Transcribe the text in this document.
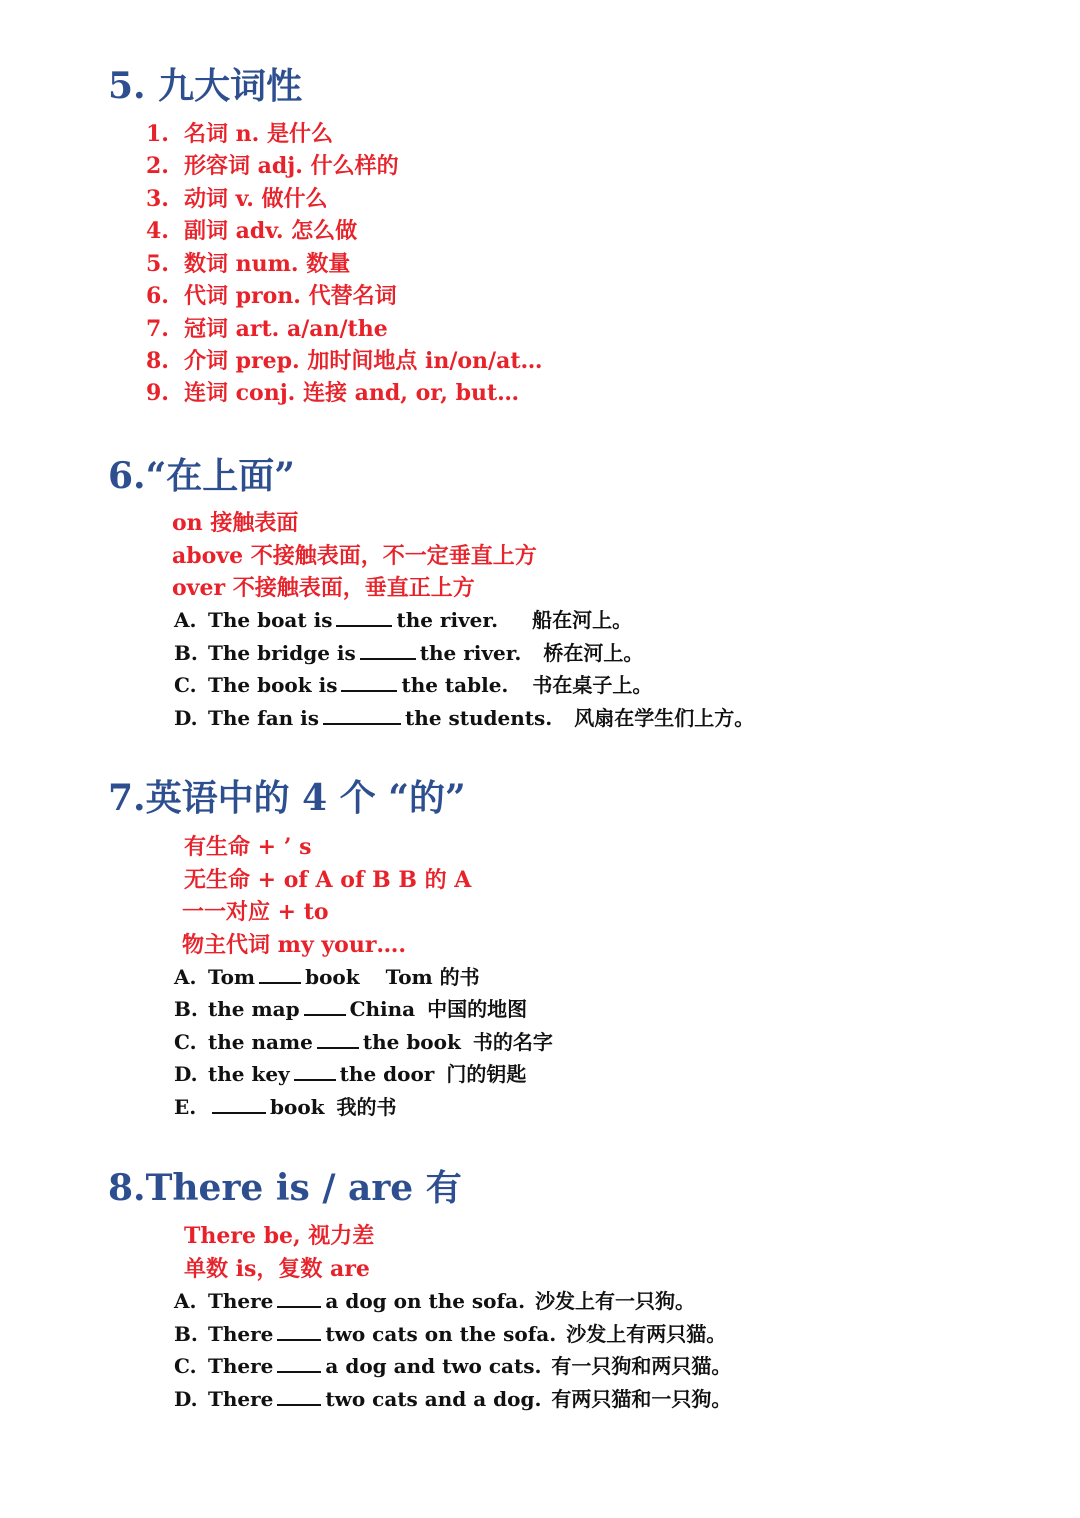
5. 九大词性
1. 名词 n. 是什么
2. 形容词 adj. 什么样的
3. 动词 v. 做什么
4. 副词 adv. 怎么做
5. 数词 num. 数量
6. 代词 pron. 代替名词
7. 冠词 art. a/an/the
8. 介词 prep. 加时间地点 in/on/at…
9. 连词 conj. 连接 and, or, but…
6.“在上面”
on 接触表面
above 不接触表面，不一定垂直上方
over 不接触表面，垂直正上方
A. The boat is	the river. 船在河上。
B. The bridge is	the river. 桥在河上。
C. The book is	the table. 书在桌子上。
D. The fan is	the students. 风扇在学生们上方。
7.英语中的 4 个 “的”
有生命 + ’ s
无生命 + of A of B B 的 A
一一对应 + to
物主代词 my your….
A. Tom	book Tom 的书
B. the map	China 中国的地图
C. the name	the book 书的名字
D. the key	the door 门的钥匙
E.	book 我的书
8.There is / are 有
There be, 视力差
单数 is，复数 are
A. There	a dog on the sofa. 沙发上有一只狗。
B. There	two cats on the sofa. 沙发上有两只猫。
C. There	a dog and two cats. 有一只狗和两只猫。
D. There	two cats and a dog. 有两只猫和一只狗。
